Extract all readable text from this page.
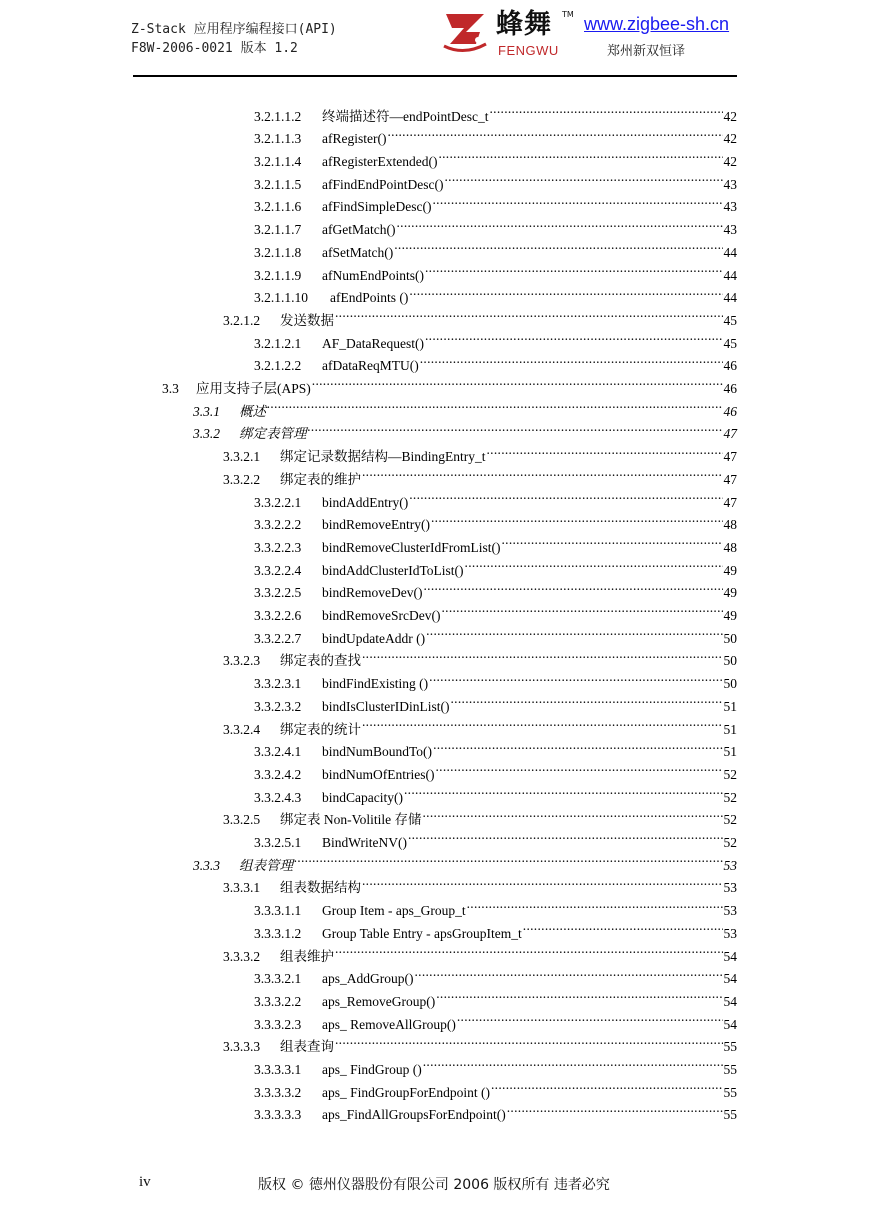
Z-Stack 应用程序编程接口(API)
F8W-2006-0021 版本 1.2
蜂舞 TM
FENGWU
www.zigbee-sh.cn
郑州新双恒译
3.2.1.1.2	终端描述符—endPointDesc_t .....	42
3.2.1.1.3	afRegister() .....	42
3.2.1.1.4	afRegisterExtended() .....	42
3.2.1.1.5	afFindEndPointDesc() .....	43
3.2.1.1.6	afFindSimpleDesc() .....	43
3.2.1.1.7	afGetMatch() .....	43
3.2.1.1.8	afSetMatch() .....	44
3.2.1.1.9	afNumEndPoints() .....	44
3.2.1.1.10	afEndPoints () .....	44
3.2.1.2	发送数据 .....	45
3.2.1.2.1	AF_DataRequest() .....	45
3.2.1.2.2	afDataReqMTU() .....	46
3.3	应用支持子层(APS) .....	46
3.3.1	概述 .....	46
3.3.2	绑定表管理 .....	47
3.3.2.1	绑定记录数据结构—BindingEntry_t .....	47
3.3.2.2	绑定表的维护 .....	47
3.3.2.2.1	bindAddEntry() .....	47
3.3.2.2.2	bindRemoveEntry() .....	48
3.3.2.2.3	bindRemoveClusterIdFromList() .....	48
3.3.2.2.4	bindAddClusterIdToList() .....	49
3.3.2.2.5	bindRemoveDev() .....	49
3.3.2.2.6	bindRemoveSrcDev() .....	49
3.3.2.2.7	bindUpdateAddr () .....	50
3.3.2.3	绑定表的查找 .....	50
3.3.2.3.1	bindFindExisting () .....	50
3.3.2.3.2	bindIsClusterIDinList() .....	51
3.3.2.4	绑定表的统计 .....	51
3.3.2.4.1	bindNumBoundTo() .....	51
3.3.2.4.2	bindNumOfEntries() .....	52
3.3.2.4.3	bindCapacity() .....	52
3.3.2.5	绑定表 Non-Volitile 存储 .....	52
3.3.2.5.1	BindWriteNV() .....	52
3.3.3	组表管理 .....	53
3.3.3.1	组表数据结构 .....	53
3.3.3.1.1	Group Item - aps_Group_t .....	53
3.3.3.1.2	Group Table Entry - apsGroupItem_t .....	53
3.3.3.2	组表维护 .....	54
3.3.3.2.1	aps_AddGroup() .....	54
3.3.3.2.2	aps_RemoveGroup() .....	54
3.3.3.2.3	aps_ RemoveAllGroup() .....	54
3.3.3.3	组表查询 .....	55
3.3.3.3.1	aps_ FindGroup () .....	55
3.3.3.3.2	aps_ FindGroupForEndpoint () .....	55
3.3.3.3.3	aps_FindAllGroupsForEndpoint() .....	55
iv	版权 © 德州仪器股份有限公司 2006 版权所有 违者必究
